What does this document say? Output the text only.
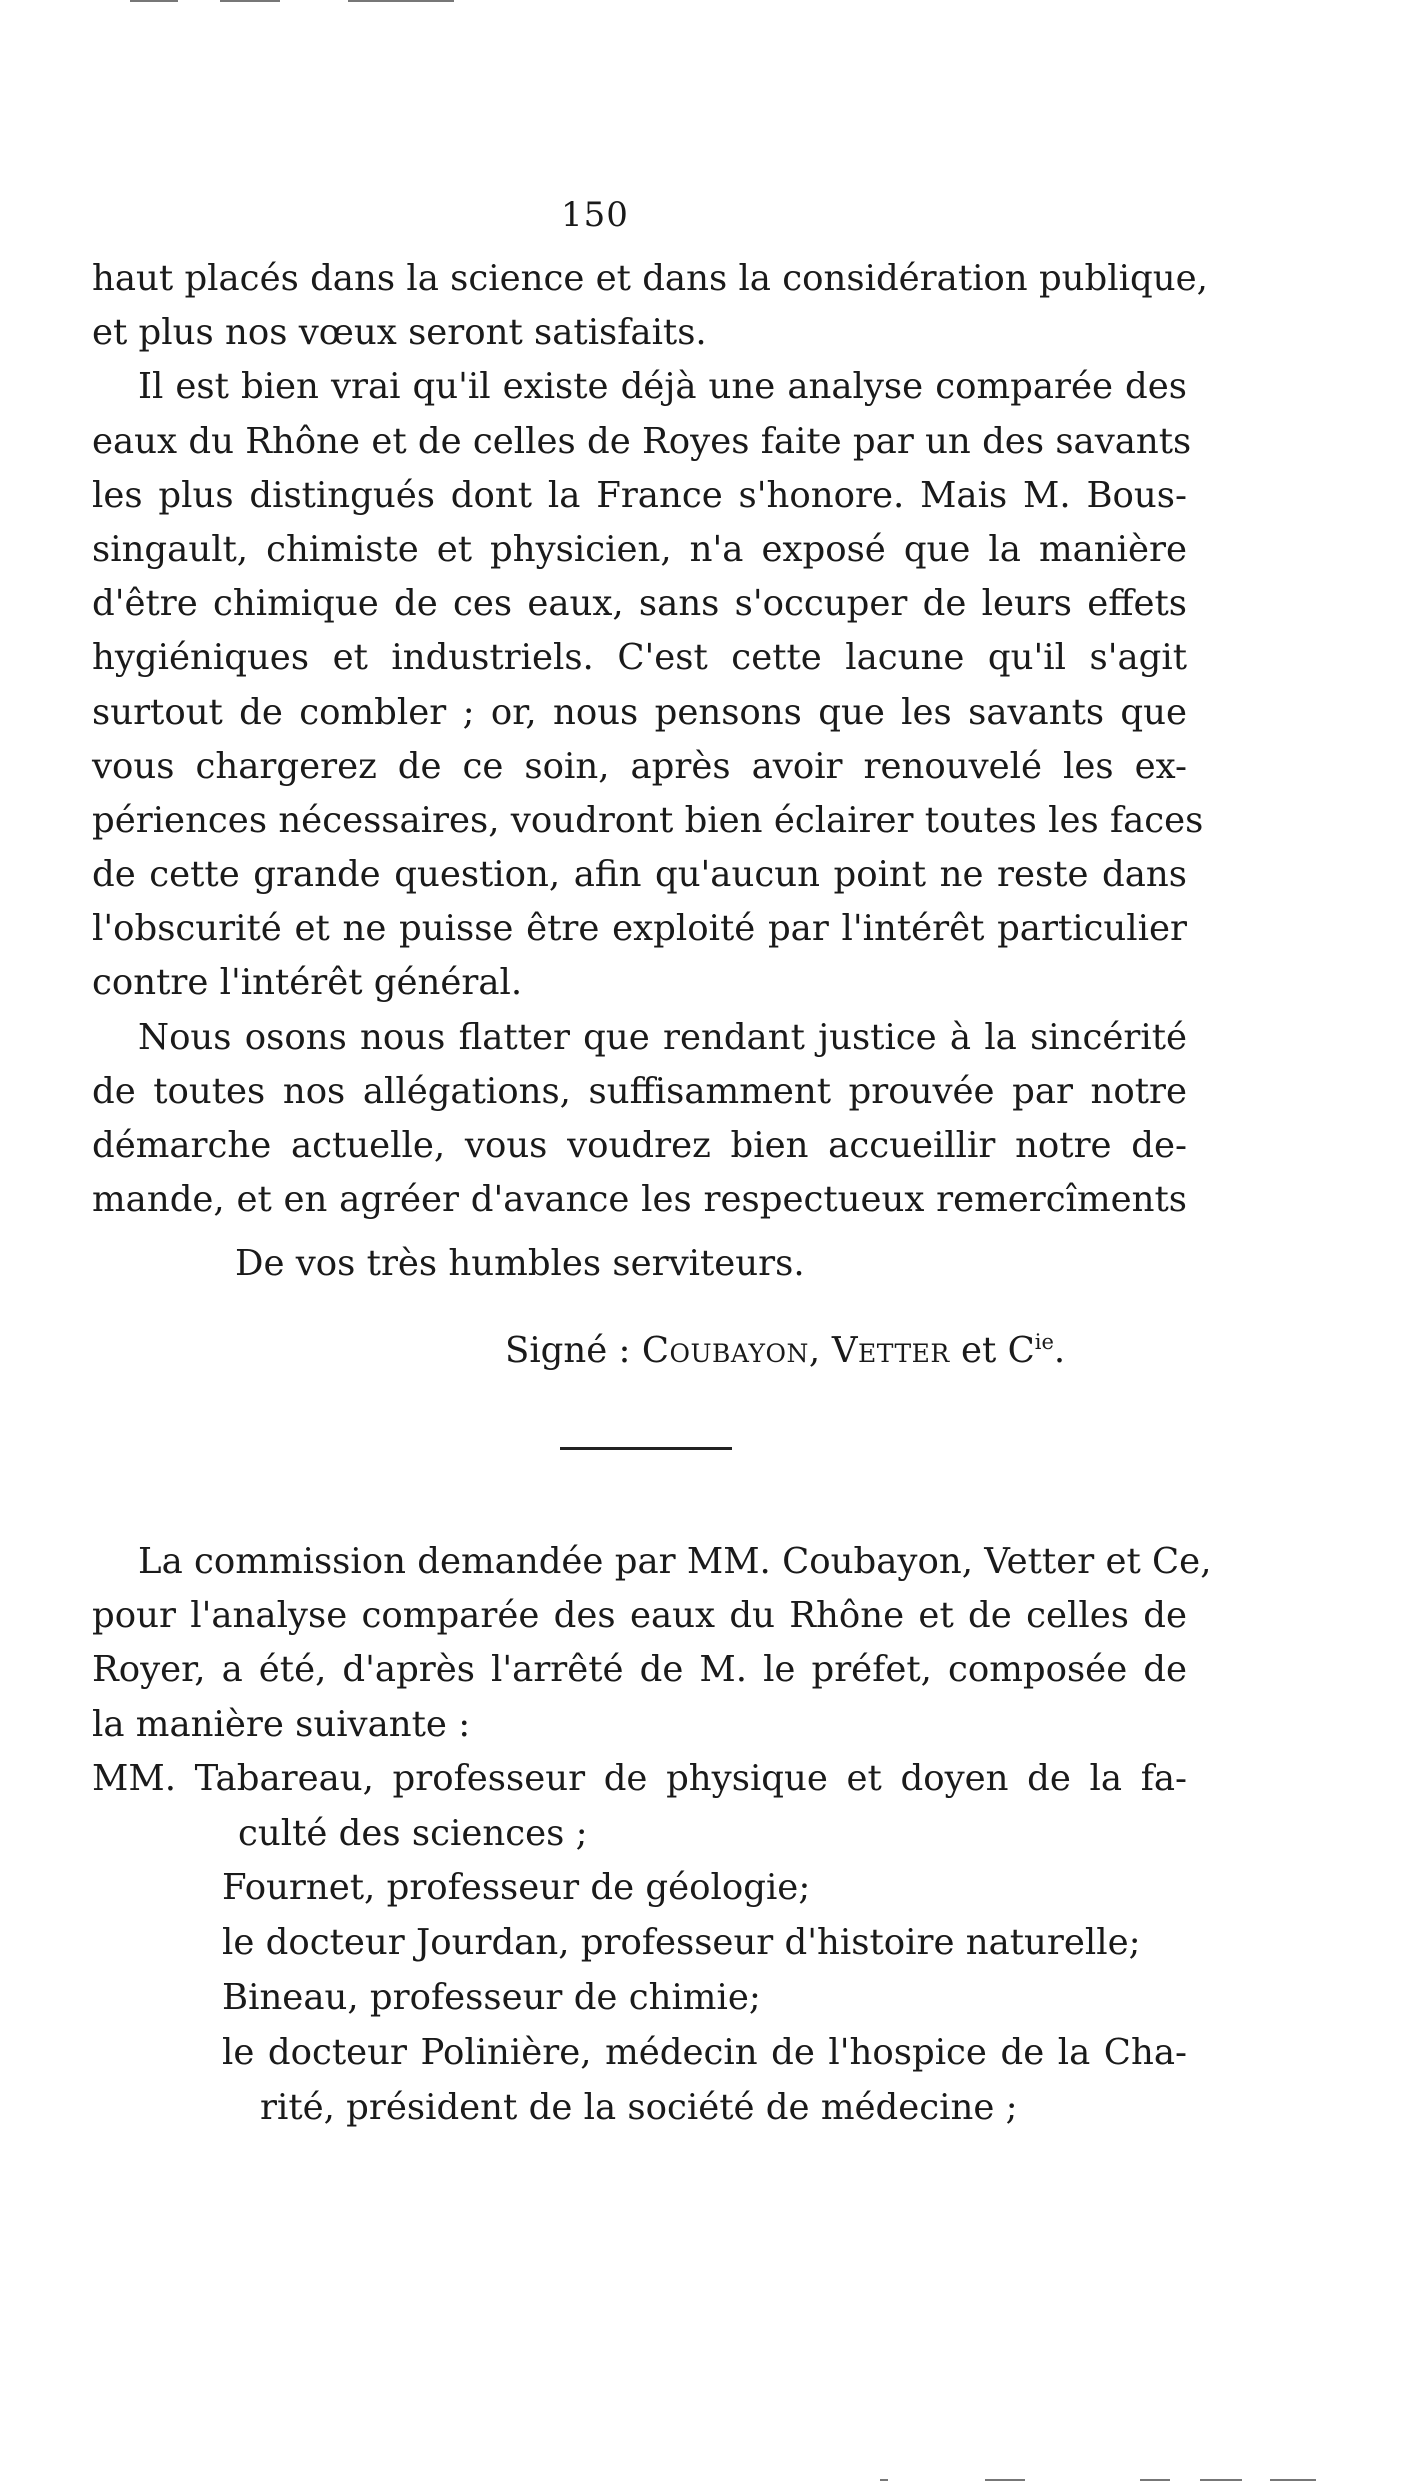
150
haut placés dans la science et dans la considération publique,
et plus nos vœux seront satisfaits.
Il est bien vrai qu'il existe déjà une analyse comparée des
eaux du Rhône et de celles de Royes faite par un des savants
les plus distingués dont la France s'honore. Mais M. Bous-
singault, chimiste et physicien, n'a exposé que la manière
d'être chimique de ces eaux, sans s'occuper de leurs effets
hygiéniques et industriels. C'est cette lacune qu'il s'agit
surtout de combler ; or, nous pensons que les savants que
vous chargerez de ce soin, après avoir renouvelé les ex-
périences nécessaires, voudront bien éclairer toutes les faces
de cette grande question, afin qu'aucun point ne reste dans
l'obscurité et ne puisse être exploité par l'intérêt particulier
contre l'intérêt général.
Nous osons nous flatter que rendant justice à la sincérité
de toutes nos allégations, suffisamment prouvée par notre
démarche actuelle, vous voudrez bien accueillir notre de-
mande, et en agréer d'avance les respectueux remercîments
De vos très humbles serviteurs.
Signé : Coubayon, Vetter et $C^{ie}$.
La commission demandée par MM. Coubayon, Vetter et Ce,
pour l'analyse comparée des eaux du Rhône et de celles de
Royer, a été, d'après l'arrêté de M. le préfet, composée de
la manière suivante :
MM. Tabareau, professeur de physique et doyen de la fa-
culté des sciences ;
Fournet, professeur de géologie;
le docteur Jourdan, professeur d'histoire naturelle;
Bineau, professeur de chimie;
le docteur Polinière, médecin de l'hospice de la Cha-
rité, président de la société de médecine ;
